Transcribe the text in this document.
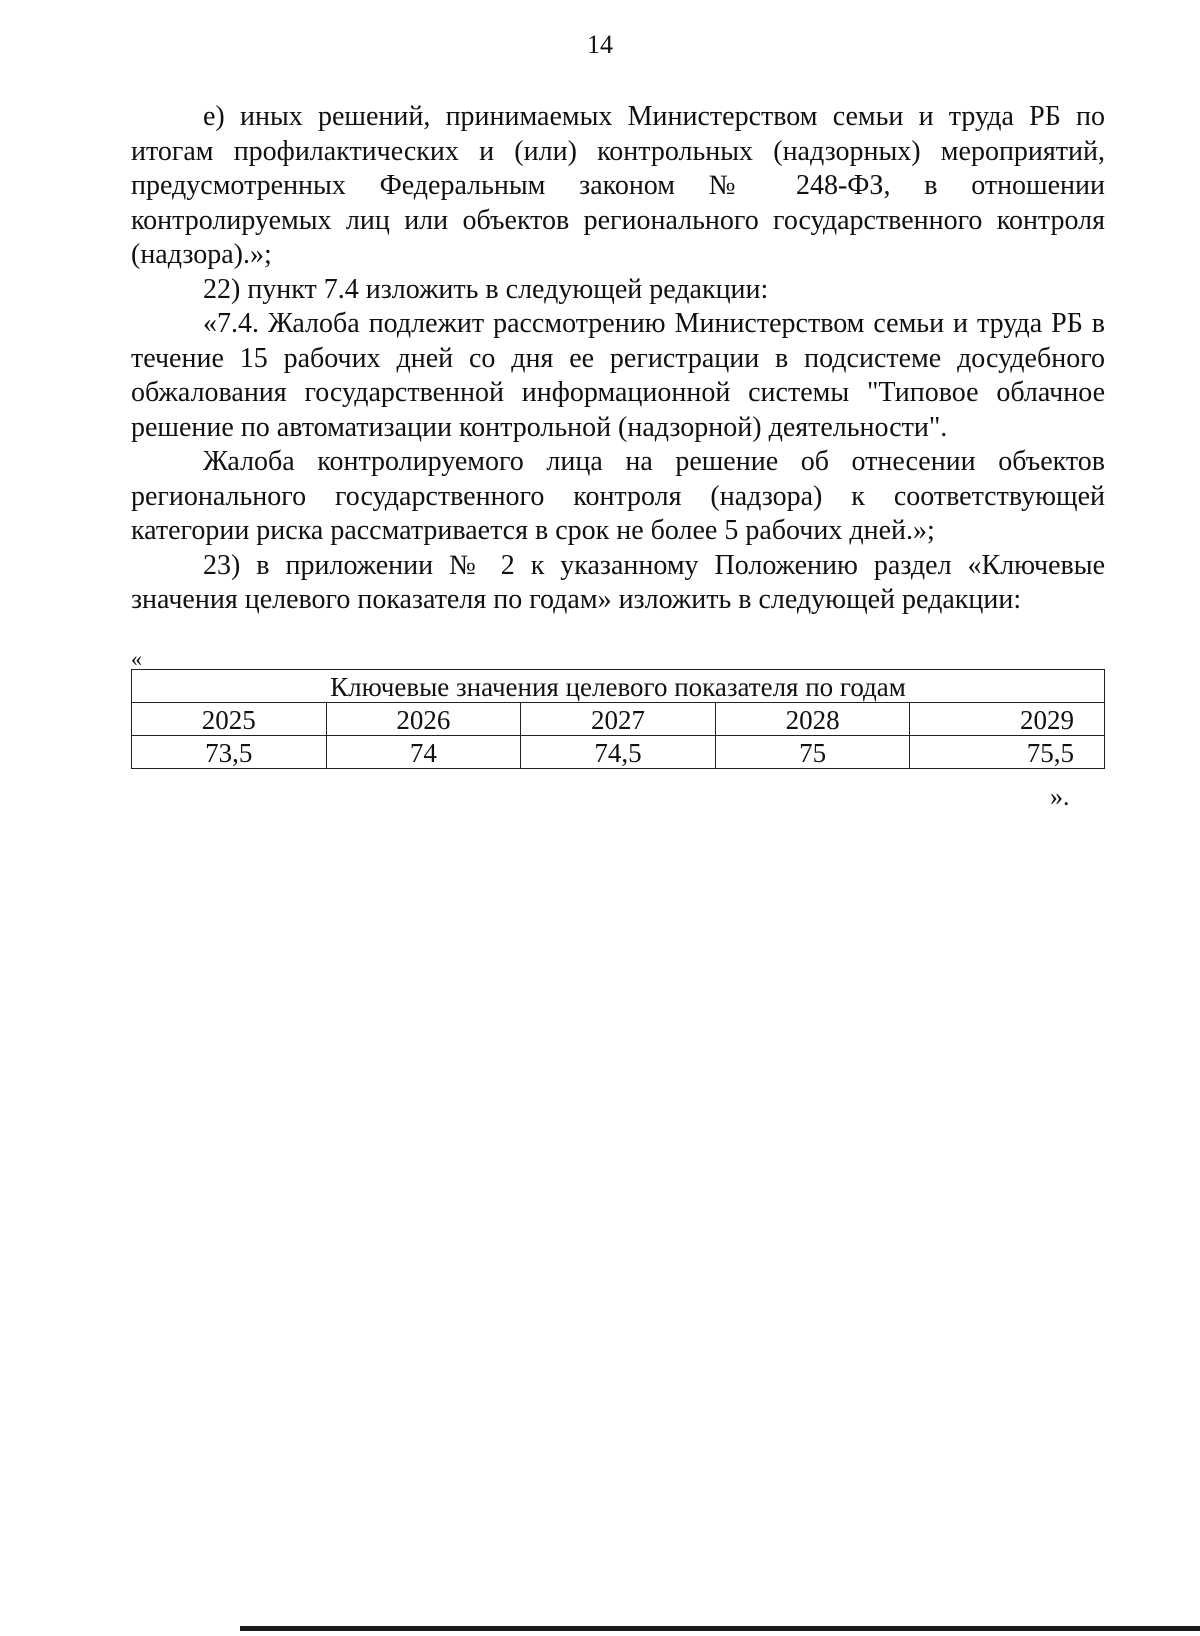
14

е) иных решений, принимаемых Министерством семьи и труда РБ по итогам профилактических и (или) контрольных (надзорных) мероприятий, предусмотренных Федеральным законом № 248-ФЗ, в отношении контролируемых лиц или объектов регионального государственного контроля (надзора).»;

22) пункт 7.4 изложить в следующей редакции:

«7.4. Жалоба подлежит рассмотрению Министерством семьи и труда РБ в течение 15 рабочих дней со дня ее регистрации в подсистеме досудебного обжалования государственной информационной системы "Типовое облачное решение по автоматизации контрольной (надзорной) деятельности".

Жалоба контролируемого лица на решение об отнесении объектов регионального государственного контроля (надзора) к соответствующей категории риска рассматривается в срок не более 5 рабочих дней.»;

23) в приложении № 2 к указанному Положению раздел «Ключевые значения целевого показателя по годам» изложить в следующей редакции:

«
Ключевые значения целевого показателя по годам				
2025	2026	2027	2028	2029
73,5	74	74,5	75	75,5
».
